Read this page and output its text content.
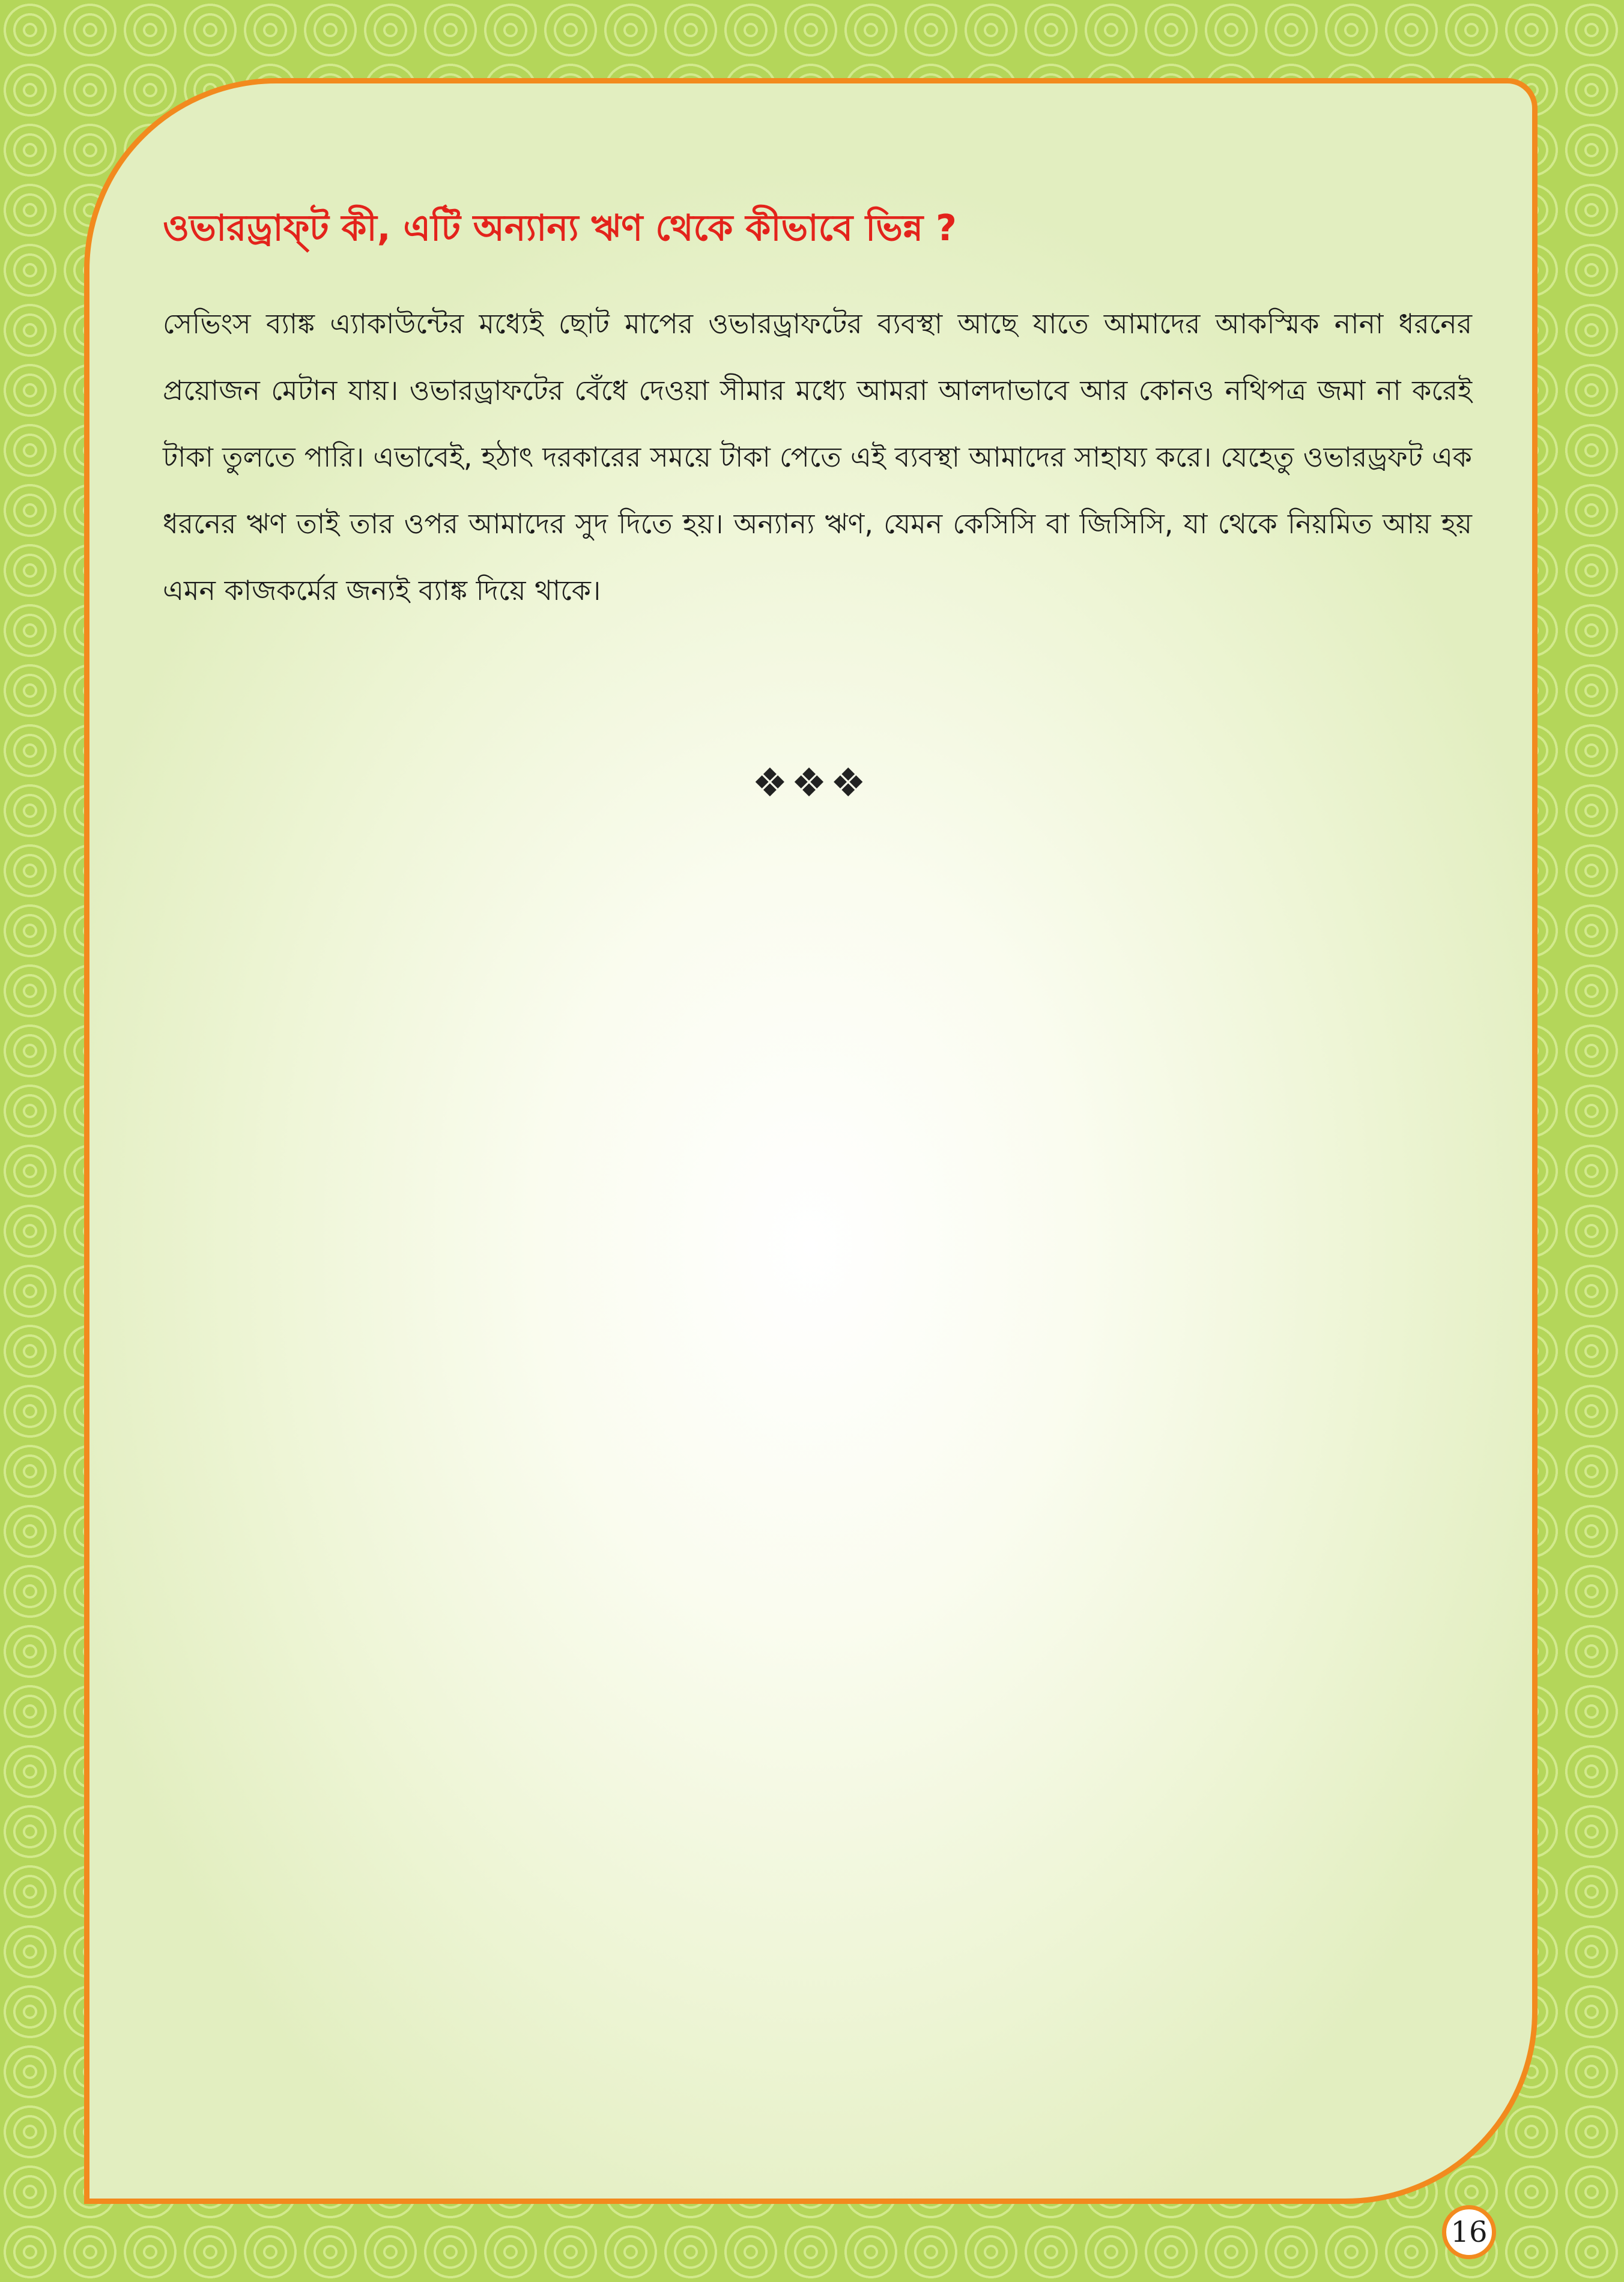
ওভারড্রাফ্‌ট কী, এটি অন্যান্য ঋণ থেকে কীভাবে ভিন্ন ?

সেভিংস ব্যাঙ্ক এ্যাকাউন্টের মধ্যেই ছোট মাপের ওভারড্রাফটের ব্যবস্থা আছে যাতে আমাদের আকস্মিক নানা ধরনের প্রয়োজন মেটান যায়। ওভারড্রাফটের বেঁধে দেওয়া সীমার মধ্যে আমরা আলদাভাবে আর কোনও নথিপত্র জমা না করেই টাকা তুলতে পারি। এভাবেই, হঠাৎ দরকারের সময়ে টাকা পেতে এই ব্যবস্থা আমাদের সাহায্য করে। যেহেতু ওভারড্রফট এক ধরনের ঋণ তাই তার ওপর আমাদের সুদ দিতে হয়। অন্যান্য ঋণ, যেমন কেসিসি বা জিসিসি, যা থেকে নিয়মিত আয় হয় এমন কাজকর্মের জন্যই ব্যাঙ্ক দিয়ে থাকে।

❖❖❖
16
